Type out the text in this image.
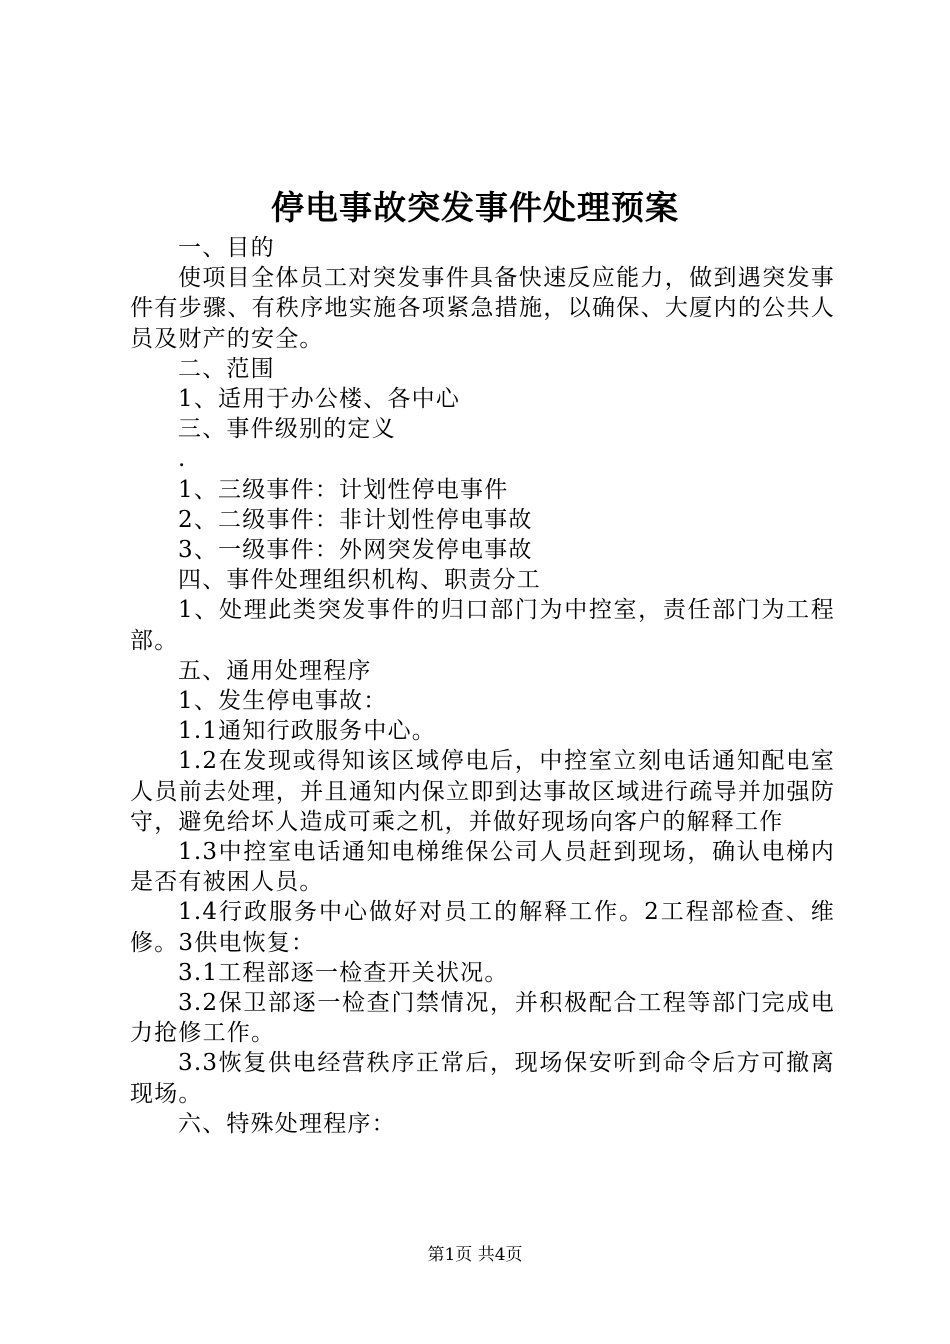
停电事故突发事件处理预案

一、目的

使项目全体员工对突发事件具备快速反应能力，做到遇突发事件有步骤、有秩序地实施各项紧急措施，以确保、大厦内的公共人员及财产的安全。

二、范围

1、适用于办公楼、各中心

三、事件级别的定义

.

1、三级事件：计划性停电事件

2、二级事件：非计划性停电事故

3、一级事件：外网突发停电事故

四、事件处理组织机构、职责分工

1、处理此类突发事件的归口部门为中控室，责任部门为工程部。

五、通用处理程序

1、发生停电事故：

1.1通知行政服务中心。

1.2在发现或得知该区域停电后，中控室立刻电话通知配电室人员前去处理，并且通知内保立即到达事故区域进行疏导并加强防守，避免给坏人造成可乘之机，并做好现场向客户的解释工作

1.3中控室电话通知电梯维保公司人员赶到现场，确认电梯内是否有被困人员。

1.4行政服务中心做好对员工的解释工作。2工程部检查、维修。3供电恢复：

3.1工程部逐一检查开关状况。

3.2保卫部逐一检查门禁情况，并积极配合工程等部门完成电力抢修工作。

3.3恢复供电经营秩序正常后，现场保安听到命令后方可撤离现场。

六、特殊处理程序：

第1页 共4页
